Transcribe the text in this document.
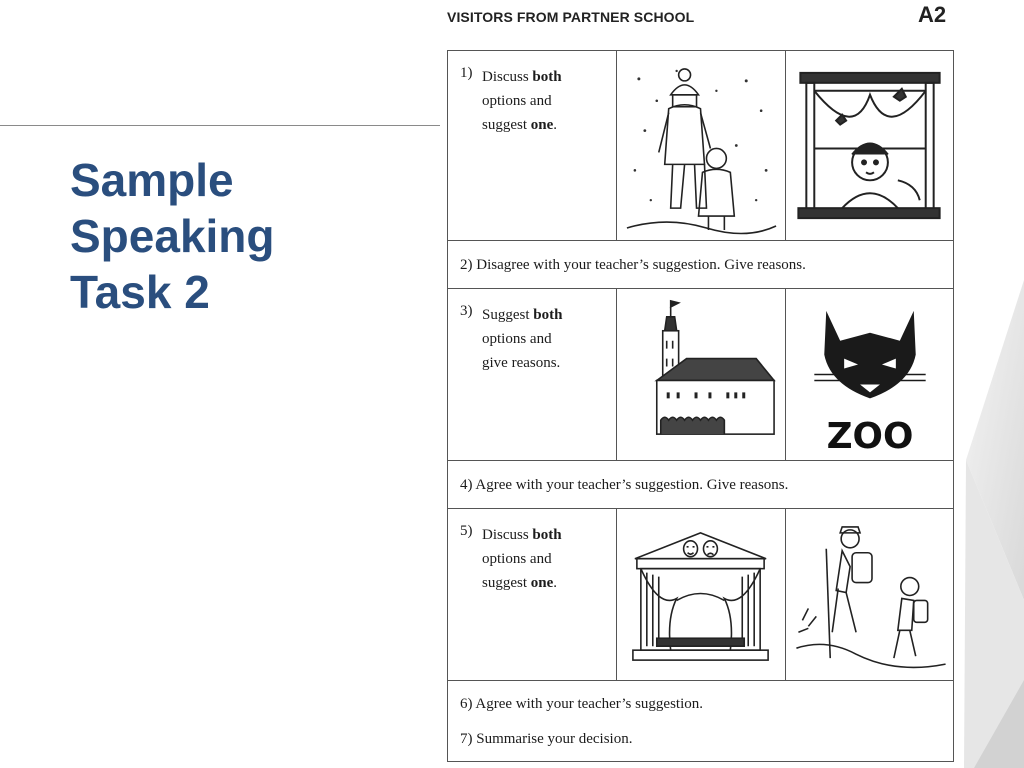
Sample
Speaking
Task 2
VISITORS FROM PARTNER SCHOOL	A2
1) Discuss both
options and
suggest one.
2) Disagree with your teacher’s suggestion. Give reasons.
3) Suggest both
options and
give reasons.
ZOO
4) Agree with your teacher’s suggestion. Give reasons.
5) Discuss both
options and
suggest one.
6) Agree with your teacher’s suggestion.
7) Summarise your decision.
